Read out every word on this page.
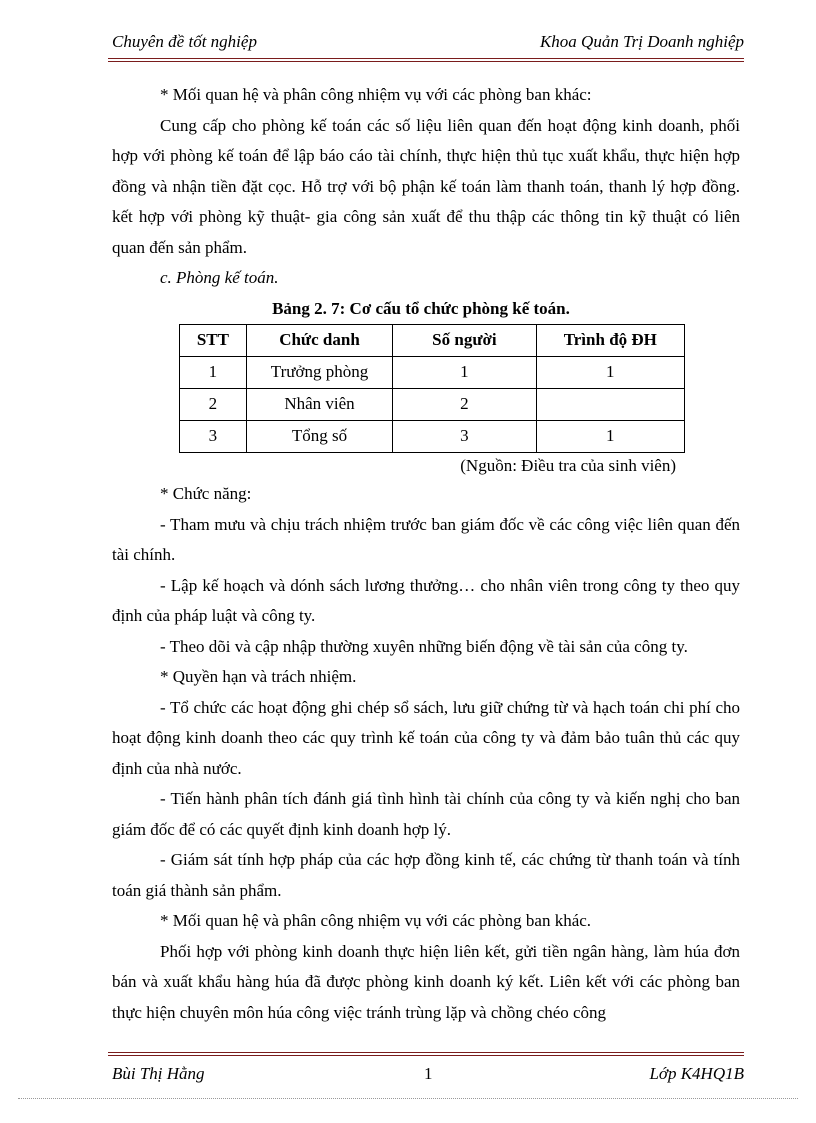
Chuyên đề tốt nghiệp	Khoa Quản Trị Doanh nghiệp

* Mối quan hệ và phân công nhiệm vụ với các phòng ban khác:

Cung cấp cho phòng kế toán các số liệu liên quan đến hoạt động kinh doanh, phối hợp với phòng kế toán để lập báo cáo tài chính, thực hiện thủ tục xuất khẩu, thực hiện hợp đồng và nhận tiền đặt cọc. Hỗ trợ với bộ phận kế toán làm thanh toán, thanh lý hợp đồng. kết hợp với phòng kỹ thuật- gia công sản xuất để thu thập các thông tin kỹ thuật có liên quan đến sản phẩm.

c. Phòng kế toán.

Bảng 2. 7: Cơ cấu tổ chức phòng kế toán.

STT	Chức danh	Số người	Trình độ ĐH
1	Trưởng phòng	1	1
2	Nhân viên	2	
3	Tổng số	3	1

(Nguồn: Điều tra của sinh viên)

* Chức năng:

- Tham mưu và chịu trách nhiệm trước ban giám đốc về các công việc liên quan đến tài chính.

- Lập kế hoạch và dónh sách lương thưởng… cho nhân viên trong công ty theo quy định của pháp luật và công ty.

- Theo dõi và cập nhập thường xuyên những biến động về tài sản của công ty.

* Quyền hạn và trách nhiệm.

- Tổ chức các hoạt động ghi chép sổ sách, lưu giữ chứng từ và hạch toán chi phí cho hoạt động kinh doanh theo các quy trình kế toán của công ty và đảm bảo tuân thủ các quy định của nhà nước.

- Tiến hành phân tích đánh giá tình hình tài chính của công ty và kiến nghị cho ban giám đốc để có các quyết định kinh doanh hợp lý.

- Giám sát tính hợp pháp của các hợp đồng kinh tế, các chứng từ thanh toán và tính toán giá thành sản phẩm.

* Mối quan hệ và phân công nhiệm vụ với các phòng ban khác.

Phối hợp với phòng kinh doanh thực hiện liên kết, gửi tiền ngân hàng, làm húa đơn bán và xuất khẩu hàng húa đã được phòng kinh doanh ký kết. Liên kết với các phòng ban thực hiện chuyên môn húa công việc tránh trùng lặp và chồng chéo công

Bùi Thị Hằng	1	Lớp K4HQ1B
